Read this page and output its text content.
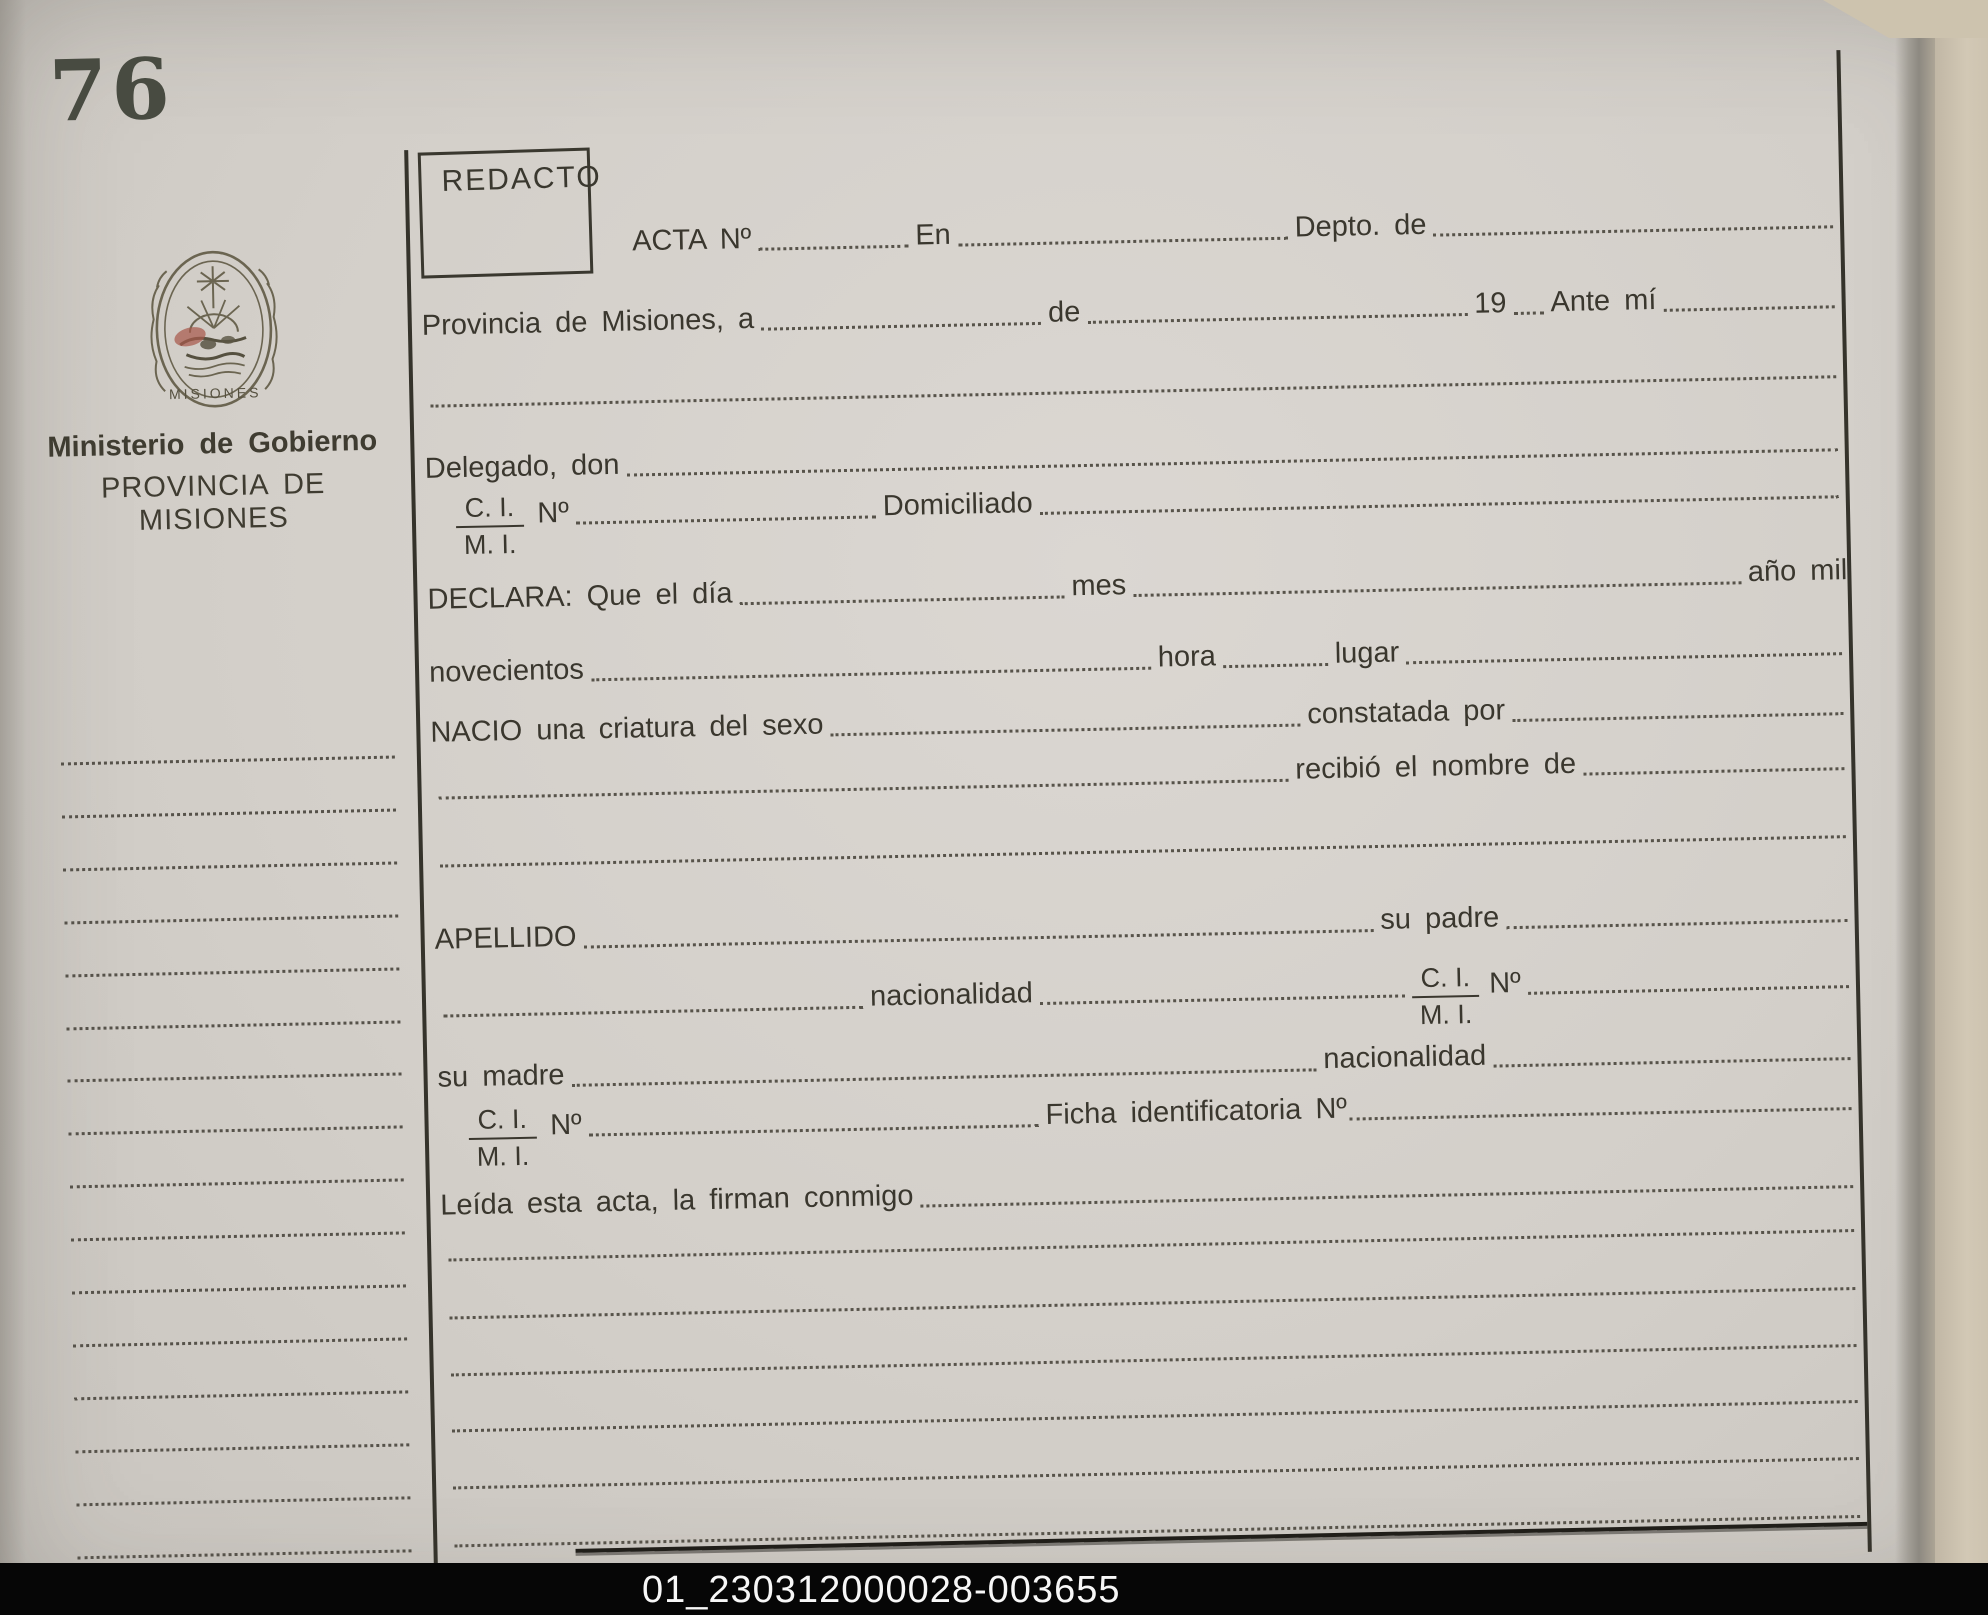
76
MISIONES
Ministerio de Gobierno
PROVINCIA DE MISIONES
REDACTO
ACTA Nº	En	Depto. de
Provincia de Misiones, a	de	19 Ante mí
Delegado, don
$\frac{C. I.}{M. I.}$ Nº	Domiciliado
DECLARA: Que el día	mes	año mil
novecientos	hora	lugar
NACIO una criatura del sexo	constatada por
recibió el nombre de
APELLIDO
su padre
nacionalidad	$\frac{C. I.}{M. I.}$ Nº
su madre
nacionalidad
$\frac{C. I.}{M. I.}$ Nº	Ficha identificatoria Nº
Leída esta acta, la firman conmigo
01_230312000028-003655
